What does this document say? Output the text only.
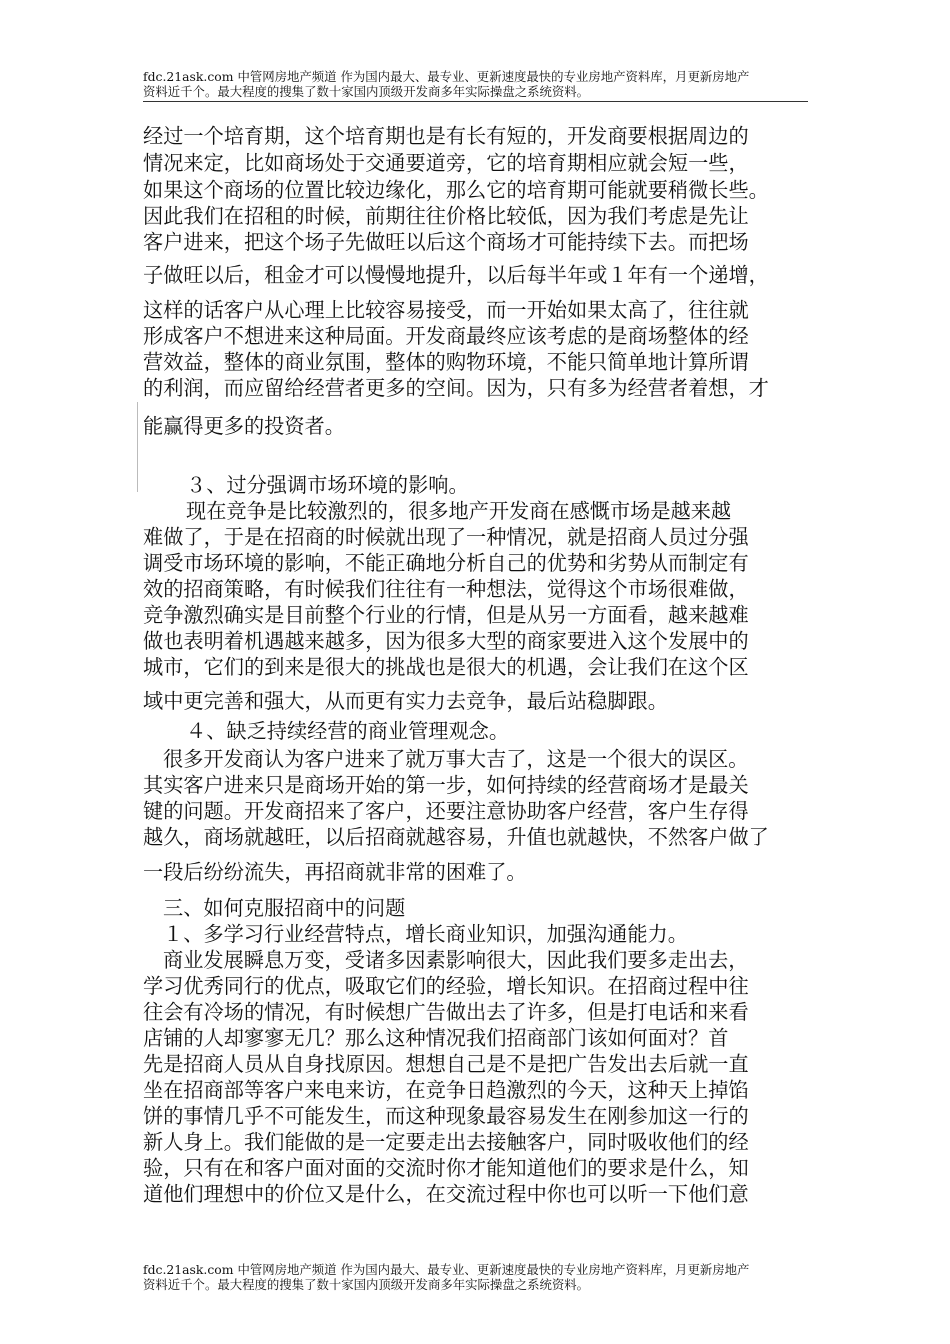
fdc.21ask.com 中管网房地产频道 作为国内最大、最专业、更新速度最快的专业房地产资料库，月更新房地产
资料近千个。最大程度的搜集了数十家国内顶级开发商多年实际操盘之系统资料。
经过一个培育期，这个培育期也是有长有短的，开发商要根据周边的
情况来定，比如商场处于交通要道旁，它的培育期相应就会短一些，
如果这个商场的位置比较边缘化，那么它的培育期可能就要稍微长些。
因此我们在招租的时候，前期往往价格比较低，因为我们考虑是先让
客户进来，把这个场子先做旺以后这个商场才可能持续下去。而把场
子做旺以后，租金才可以慢慢地提升，以后每半年或１年有一个递增，
这样的话客户从心理上比较容易接受，而一开始如果太高了，往往就
形成客户不想进来这种局面。开发商最终应该考虑的是商场整体的经
营效益，整体的商业氛围，整体的购物环境，不能只简单地计算所谓
的利润，而应留给经营者更多的空间。因为，只有多为经营者着想，才
能赢得更多的投资者。
３、过分强调市场环境的影响。
现在竞争是比较激烈的，很多地产开发商在感慨市场是越来越
难做了，于是在招商的时候就出现了一种情况，就是招商人员过分强
调受市场环境的影响，不能正确地分析自己的优势和劣势从而制定有
效的招商策略，有时候我们往往有一种想法，觉得这个市场很难做，
竞争激烈确实是目前整个行业的行情，但是从另一方面看，越来越难
做也表明着机遇越来越多，因为很多大型的商家要进入这个发展中的
城市，它们的到来是很大的挑战也是很大的机遇，会让我们在这个区
域中更完善和强大，从而更有实力去竞争，最后站稳脚跟。
４、缺乏持续经营的商业管理观念。
很多开发商认为客户进来了就万事大吉了，这是一个很大的误区。
其实客户进来只是商场开始的第一步，如何持续的经营商场才是最关
键的问题。开发商招来了客户，还要注意协助客户经营，客户生存得
越久，商场就越旺，以后招商就越容易，升值也就越快，不然客户做了
一段后纷纷流失，再招商就非常的困难了。
三、如何克服招商中的问题
１、多学习行业经营特点，增长商业知识，加强沟通能力。
商业发展瞬息万变，受诸多因素影响很大，因此我们要多走出去，
学习优秀同行的优点，吸取它们的经验，增长知识。在招商过程中往
往会有冷场的情况，有时候想广告做出去了许多，但是打电话和来看
店铺的人却寥寥无几？那么这种情况我们招商部门该如何面对？首
先是招商人员从自身找原因。想想自己是不是把广告发出去后就一直
坐在招商部等客户来电来访，在竞争日趋激烈的今天，这种天上掉馅
饼的事情几乎不可能发生，而这种现象最容易发生在刚参加这一行的
新人身上。我们能做的是一定要走出去接触客户，同时吸收他们的经
验，只有在和客户面对面的交流时你才能知道他们的要求是什么，知
道他们理想中的价位又是什么，在交流过程中你也可以听一下他们意
fdc.21ask.com 中管网房地产频道 作为国内最大、最专业、更新速度最快的专业房地产资料库，月更新房地产
资料近千个。最大程度的搜集了数十家国内顶级开发商多年实际操盘之系统资料。
